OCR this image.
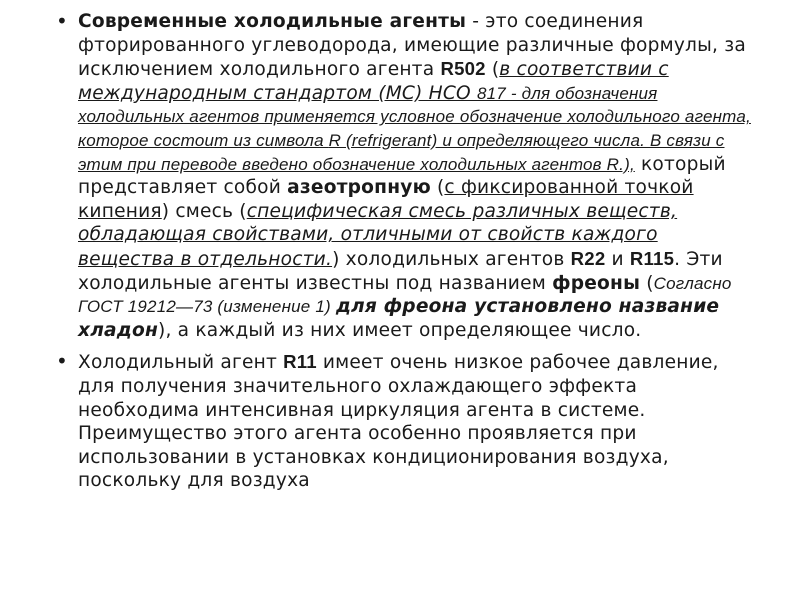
• Современные холодильные агенты - это соединения фторированного углеводорода, имеющие различные формулы, за исключением холодильного агента R502 (в соответствии с международным стандартом (МС) НСО 817 - для обозначения холодильных агентов применяется условное обозначение холодильного агента, которое состоит из символа R (refrigerant) и определяющего числа. В связи с этим при переводе введено обозначение холодильных агентов R.), который представляет собой азеотропную (с фиксированной точкой кипения) смесь (специфическая смесь различных веществ, обладающая свойствами, отличными от свойств каждого вещества в отдельности.) холодильных агентов R22 и R115. Эти холодильные агенты известны под названием фреоны (Согласно ГОСТ 19212—73 (изменение 1) для фреона установлено название хладон), а каждый из них имеет определяющее число.
• Холодильный агент R11 имеет очень низкое рабочее давление, для получения значительного охлаждающего эффекта необходима интенсивная циркуляция агента в системе. Преимущество этого агента особенно проявляется при использовании в установках кондиционирования воздуха, поскольку для воздуха
